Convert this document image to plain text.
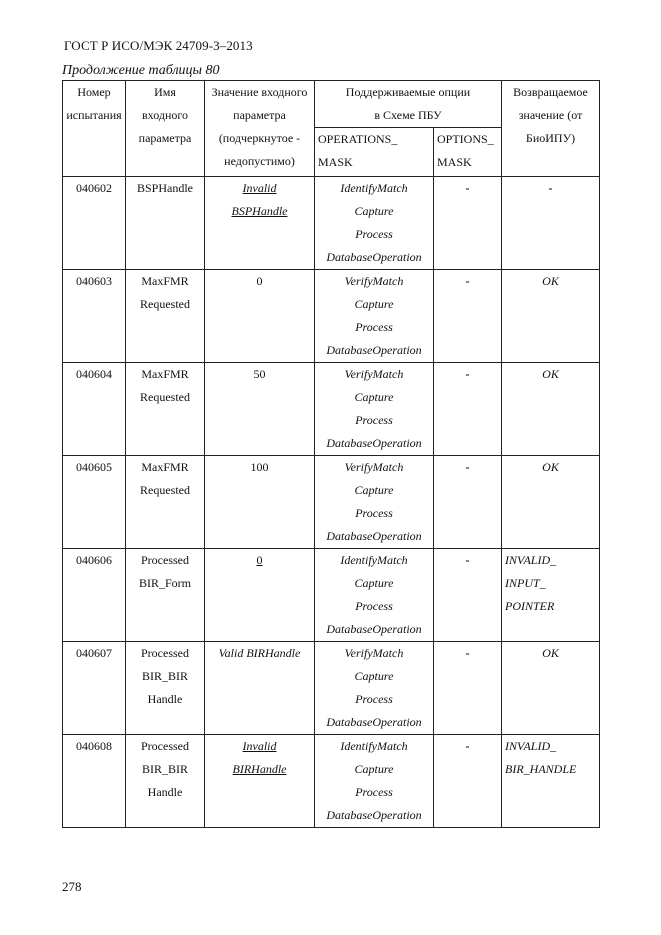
ГОСТ Р ИСО/МЭК 24709-3–2013
Продолжение таблицы 80
Номер
испытания	Имя
входного
параметра	Значение входного
параметра
(подчеркнутое -
недопустимо)	Поддерживаемые опции
в Схеме ПБУ		Возвращаемое
значение (от
БиоИПУ)

			OPERATIONS_
MASK	OPTIONS_
MASK	

040602	BSPHandle	Invalid
BSPHandle	IdentifyMatch
Capture
Process
DatabaseOperation	-	-

040603	MaxFMR
Requested	0	VerifyMatch
Capture
Process
DatabaseOperation	-	OK

040604	MaxFMR
Requested	50	VerifyMatch
Capture
Process
DatabaseOperation	-	OK

040605	MaxFMR
Requested	100	VerifyMatch
Capture
Process
DatabaseOperation	-	OK

040606	Processed
BIR_Form	0	IdentifyMatch
Capture
Process
DatabaseOperation	-	INVALID_
INPUT_
POINTER

040607	Processed
BIR_BIR
Handle	Valid BIRHandle	VerifyMatch
Capture
Process
DatabaseOperation	-	OK

040608	Processed
BIR_BIR
Handle	Invalid
BIRHandle	IdentifyMatch
Capture
Process
DatabaseOperation	-	INVALID_
BIR_HANDLE
278
